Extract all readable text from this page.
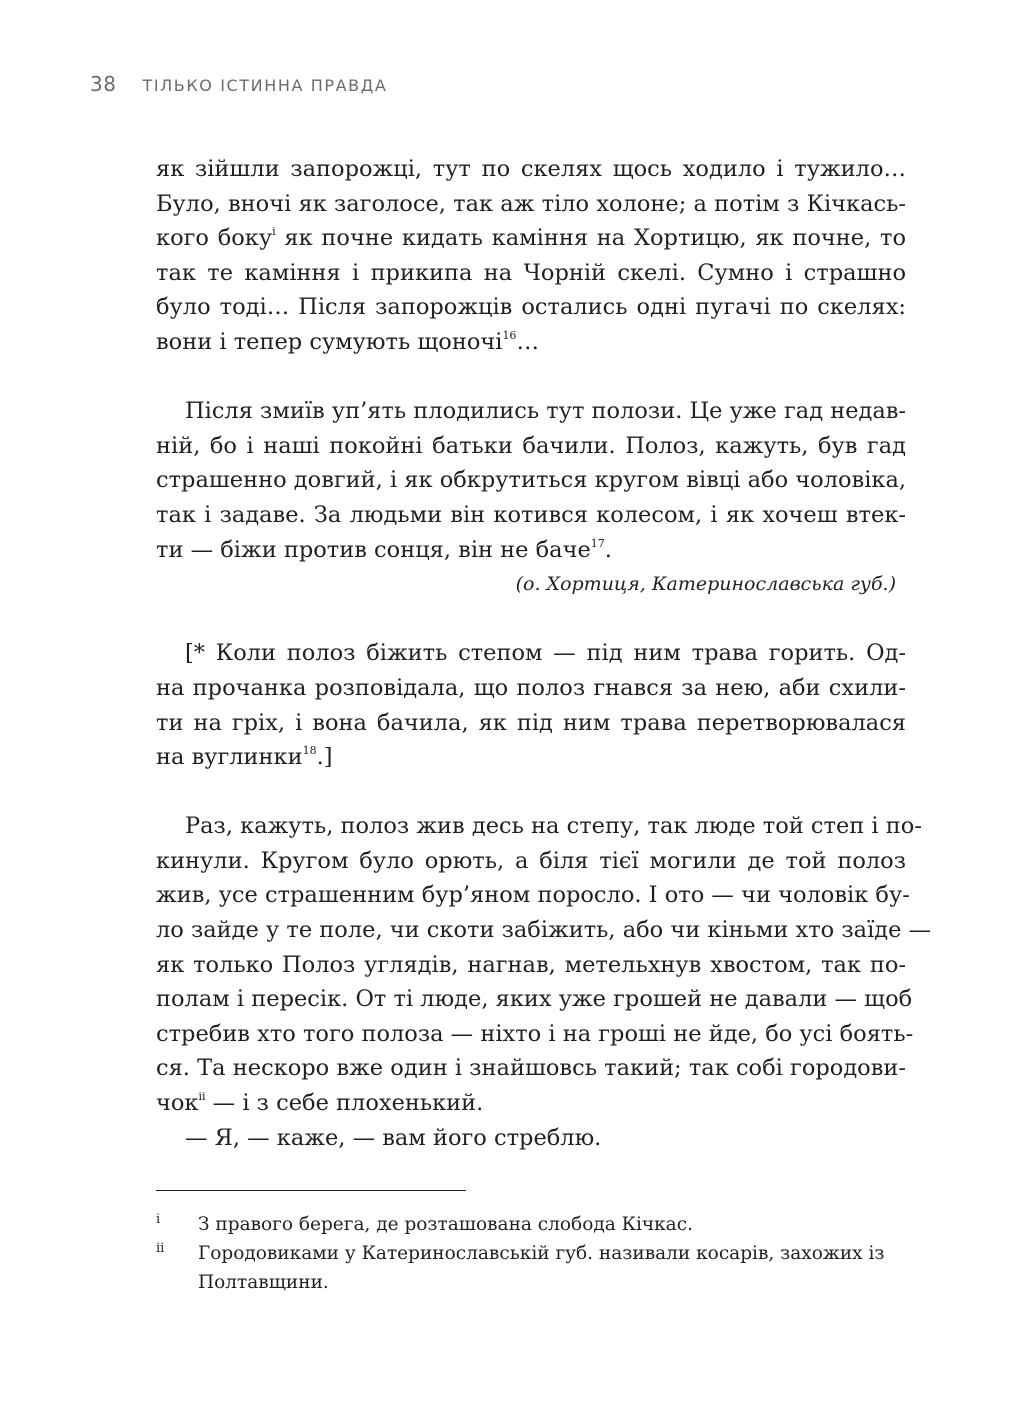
38 ТІЛЬКО ІСТИННА ПРАВДА
як зійшли запорожці, тут по скелях щось ходило і тужило…
Було, вночі як заголосе, так аж тіло холоне; а потім з Кічкась-
кого боку$^i$ як почне кидать каміння на Хортицю, як почне, то
так те каміння і прикипа на Чорній скелі. Сумно і страшно
було тоді… Після запорожців остались одні пугачі по скелях:
вони і тепер сумують щоночі$^{16}$…
Після змиїв уп’ять плодились тут полози. Це уже гад недав-
ній, бо і наші покойні батьки бачили. Полоз, кажуть, був гад
страшенно довгий, і як обкрутиться кругом вівці або чоловіка,
так і задаве. За людьми він котився колесом, і як хочеш втек-
ти — біжи против сонця, він не баче$^{17}$.
(о. Хортиця, Катеринославська губ.)
[* Коли полоз біжить степом — під ним трава горить. Од-
на прочанка розповідала, що полоз гнався за нею, аби схили-
ти на гріх, і вона бачила, як під ним трава перетворювалася
на вуглинки$^{18}$.]
Раз, кажуть, полоз жив десь на степу, так люде той степ і по-
кинули. Кругом було орють, а біля тієї могили де той полоз
жив, усе страшенним бур’яном поросло. І ото — чи чоловік бу-
ло зайде у те поле, чи скоти забіжить, або чи кіньми хто заїде —
як только Полоз углядів, нагнав, метельхнув хвостом, так по-
полам і пересік. От ті люде, яких уже грошей не давали — щоб
стребив хто того полоза — ніхто і на гроші не йде, бо усі боять-
ся. Та нескоро вже один і знайшовсь такий; так собі городови-
чок$^{ii}$ — і з себе плохенький.
— Я, — каже, — вам його стреблю.
i	З правого берега, де розташована слобода Кічкас.
ii	Городовиками у Катеринославській губ. називали косарів, захожих із Полтавщини.
